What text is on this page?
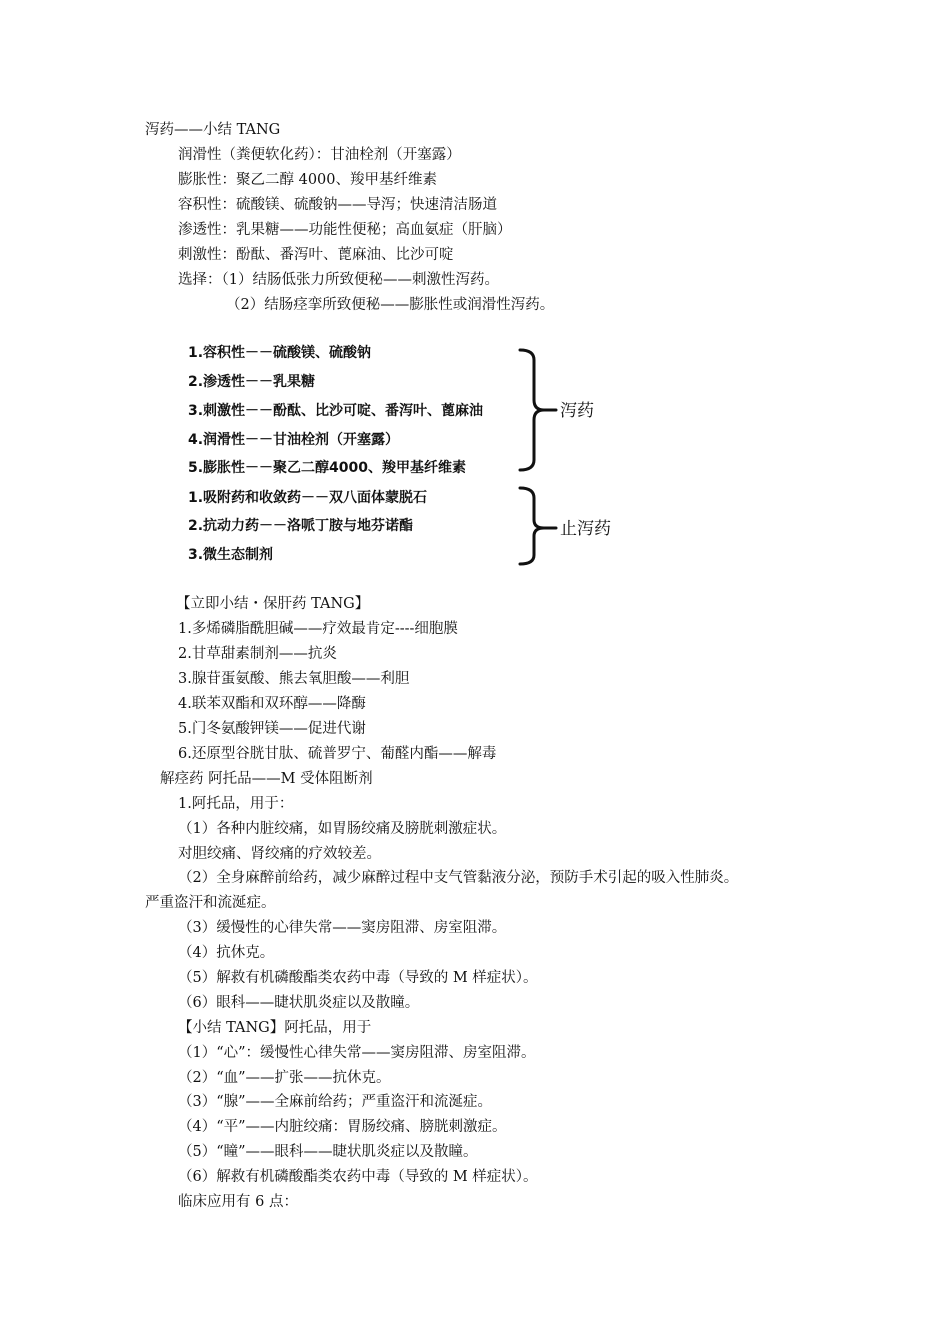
泻药——小结 TANG
润滑性（粪便软化药）：甘油栓剂（开塞露）
膨胀性：聚乙二醇 4000、羧甲基纤维素
容积性：硫酸镁、硫酸钠——导泻；快速清洁肠道
渗透性：乳果糖——功能性便秘；高血氨症（肝脑）
刺激性：酚酞、番泻叶、蓖麻油、比沙可啶
选择：（1）结肠低张力所致便秘——刺激性泻药。
（2）结肠痉挛所致便秘——膨胀性或润滑性泻药。
1.容积性－－硫酸镁、硫酸钠
2.渗透性－－乳果糖
3.刺激性－－酚酞、比沙可啶、番泻叶、蓖麻油
4.润滑性－－甘油栓剂（开塞露）
5.膨胀性－－聚乙二醇4000、羧甲基纤维素
1.吸附药和收敛药－－双八面体蒙脱石
2.抗动力药－－洛哌丁胺与地芬诺酯
3.微生态制剂
泻药
止泻药
【立即小结・保肝药 TANG】
1.多烯磷脂酰胆碱——疗效最肯定----细胞膜
2.甘草甜素制剂——抗炎
3.腺苷蛋氨酸、熊去氧胆酸——利胆
4.联苯双酯和双环醇——降酶
5.门冬氨酸钾镁——促进代谢
6.还原型谷胱甘肽、硫普罗宁、葡醛内酯——解毒
解痉药 阿托品——M 受体阻断剂
1.阿托品，用于：
（1）各种内脏绞痛，如胃肠绞痛及膀胱刺激症状。
对胆绞痛、肾绞痛的疗效较差。
（2）全身麻醉前给药，减少麻醉过程中支气管黏液分泌，预防手术引起的吸入性肺炎。
严重盗汗和流涎症。
（3）缓慢性的心律失常——窦房阻滞、房室阻滞。
（4）抗休克。
（5）解救有机磷酸酯类农药中毒（导致的 M 样症状）。
（6）眼科——睫状肌炎症以及散瞳。
【小结 TANG】阿托品，用于
（1）“心”：缓慢性心律失常——窦房阻滞、房室阻滞。
（2）“血”——扩张——抗休克。
（3）“腺”——全麻前给药；严重盗汗和流涎症。
（4）“平”——内脏绞痛：胃肠绞痛、膀胱刺激症。
（5）“瞳”——眼科——睫状肌炎症以及散瞳。
（6）解救有机磷酸酯类农药中毒（导致的 M 样症状）。
临床应用有 6 点：
